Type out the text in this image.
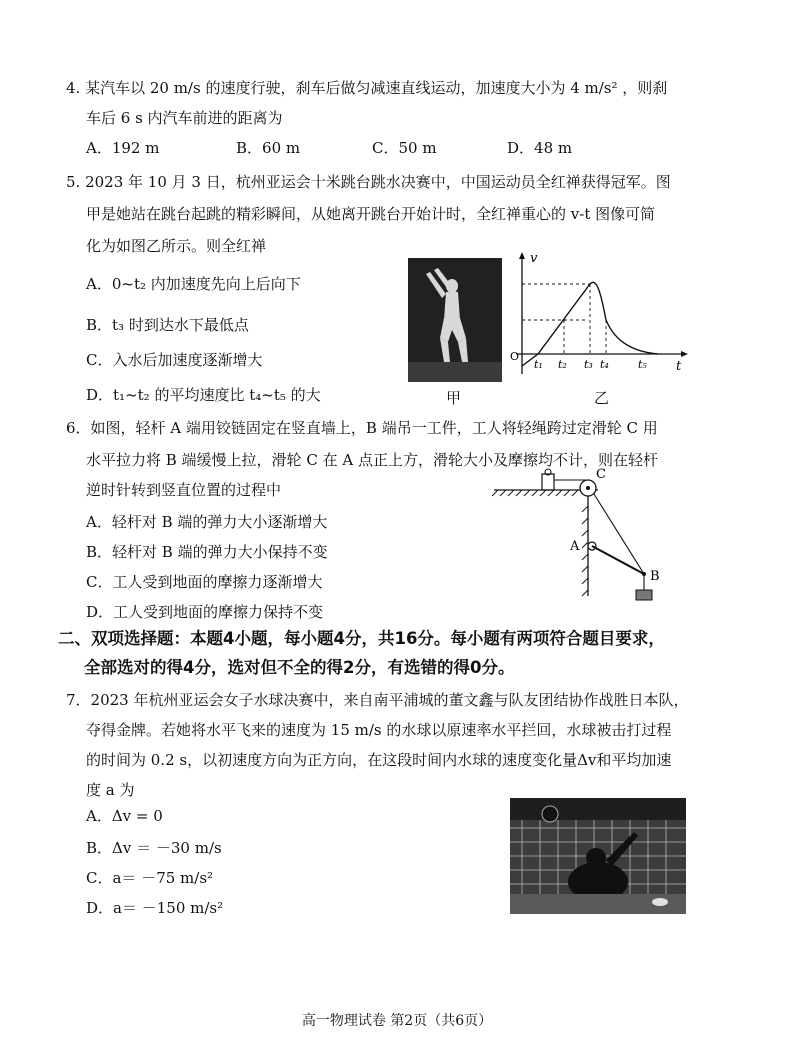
4. 某汽车以 20 m/s 的速度行驶，刹车后做匀减速直线运动，加速度大小为 4 m/s² ，则刹
车后 6 s 内汽车前进的距离为
A．192 m	B．60 m	C．50 m	D．48 m
5. 2023 年 10 月 3 日，杭州亚运会十米跳台跳水决赛中，中国运动员全红禅获得冠军。图
甲是她站在跳台起跳的精彩瞬间，从她离开跳台开始计时，全红禅重心的 v-t 图像可简
化为如图乙所示。则全红禅
A．0~t₂ 内加速度先向上后向下
B．t₃ 时到达水下最低点
C．入水后加速度逐渐增大
D．t₁~t₂ 的平均速度比 t₄~t₅ 的大	甲
v
t
O
t₁ t₂ t₃ t₄	t₅
乙
6．如图，轻杆 A 端用铰链固定在竖直墙上，B 端吊一工件，工人将轻绳跨过定滑轮 C 用
水平拉力将 B 端缓慢上拉，滑轮 C 在 A 点正上方，滑轮大小及摩擦均不计，则在轻杆
逆时针转到竖直位置的过程中
A．轻杆对 B 端的弹力大小逐渐增大
B．轻杆对 B 端的弹力大小保持不变
C．工人受到地面的摩擦力逐渐增大
D．工人受到地面的摩擦力保持不变
C
A
B
二、双项选择题：本题4小题，每小题4分，共16分。每小题有两项符合题目要求，
全部选对的得4分，选对但不全的得2分，有选错的得0分。
7．2023 年杭州亚运会女子水球决赛中，来自南平浦城的董文鑫与队友团结协作战胜日本队，
夺得金牌。若她将水平飞来的速度为 15 m/s 的水球以原速率水平拦回，水球被击打过程
的时间为 0.2 s，以初速度方向为正方向，在这段时间内水球的速度变化量Δv和平均加速
度 a 为
A．Δv = 0
B．Δv ＝ －30 m/s
C．a＝ －75 m/s²
D．a＝ －150 m/s²
高一物理试卷 第2页（共6页）
